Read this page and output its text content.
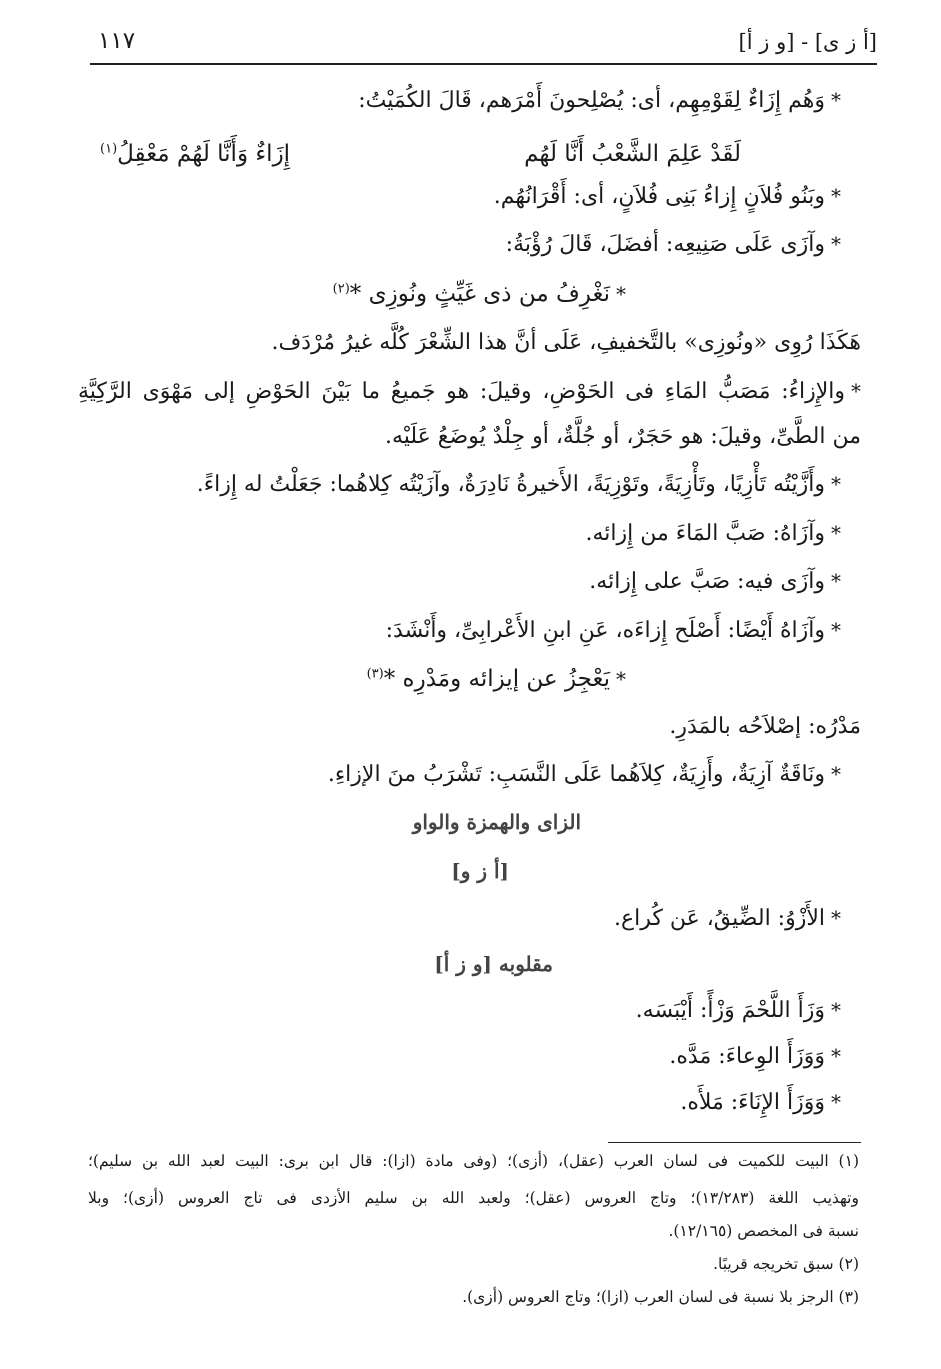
[أ ز ى] - [و ز أ]
١١٧
*وَهُم إِزَاءٌ لِقَوْمِهِم، أى: يُصْلِحونَ أَمْرَهم، قَالَ الكُمَيْتُ:
لَقَدْ عَلِمَ الشَّعْبُ أَنَّا لَهُم
إِزَاءٌ وَأَنَّا لَهُمْ مَعْقِلُ$^{(١)}$
*وبَنُو فُلاَنٍ إِزاءُ بَنِى فُلاَنٍ، أى: أَقْرَانُهُم.
*وآزَى عَلَى صَنِيعِه: أفضَلَ، قَالَ رُؤْبَةُ:
*نَغْرِفُ من ذى غَيِّثٍ ونُوزِى *$^{(٢)}$
هَكَذَا رُوِى «ونُوزِى» بالتَّخفيفِ، عَلَى أنَّ هذا الشِّعْرَ كُلَّه غيرُ مُرْدَف.
*والإِزاءُ: مَصَبُّ المَاءِ فى الحَوْضِ، وقيلَ: هو جَميعُ ما بَيْنَ الحَوْضِ إلى مَهْوَى الرَّكِيَّةِ
من الطَّىِّ، وقيلَ: هو حَجَرٌ، أو جُلَّةٌ، أو جِلْدٌ يُوضَعُ عَلَيْه.
*وأَزَّيْتُه تَأْزِيًا، وتَأْزِيَةً، وتَوْزِيَةً، الأَخيرةُ نَادِرَةٌ، وآزَيْتُه كِلاهُما: جَعَلْتُ له إِزاءً.
*وآزَاهُ: صَبَّ المَاءَ من إِزائه.
*وآزَى فيه: صَبَّ على إِزائه.
*وآزَاهُ أَيْضًا: أَصْلَح إِزاءَه، عَنِ ابنِ الأَعْرابِىِّ، وأَنْشَدَ:
*يَعْجِزُ عن إيزائه ومَدْرِه *$^{(٣)}$
مَدْرُه: إصْلاَحُه بالمَدَرِ.
*ونَاقَةٌ آزِيَةٌ، وأَزِيَةٌ، كِلاَهُما عَلَى النَّسَبِ: تَشْرَبُ منَ الإزاءِ.
الزاى والهمزة والواو
[أ ز و]
*الأَزْوُ: الضِّيقُ، عَن كُراع.
مقلوبه [و ز أ]
*وَزَأَ اللَّحْمَ وَزْأً: أَيْبَسَه.
*وَوَزَأَ الوِعاءَ: مَدَّه.
*وَوَزَأَ الإِنَاءَ: مَلأَه.
(١) البيت للكميت فى لسان العرب (عقل)، (أزى)؛ (وفى مادة (ازا): قال ابن برى: البيت لعبد الله بن سليم)؛
وتهذيب اللغة (١٣/٢٨٣)؛ وتاج العروس (عقل)؛ ولعبد الله بن سليم الأزدى فى تاج العروس (أزى)؛ وبلا
نسبة فى المخصص (١٢/١٦٥).
(٢) سبق تخريجه قريبًا.
(٣) الرجز بلا نسبة فى لسان العرب (ازا)؛ وتاج العروس (أزى).
